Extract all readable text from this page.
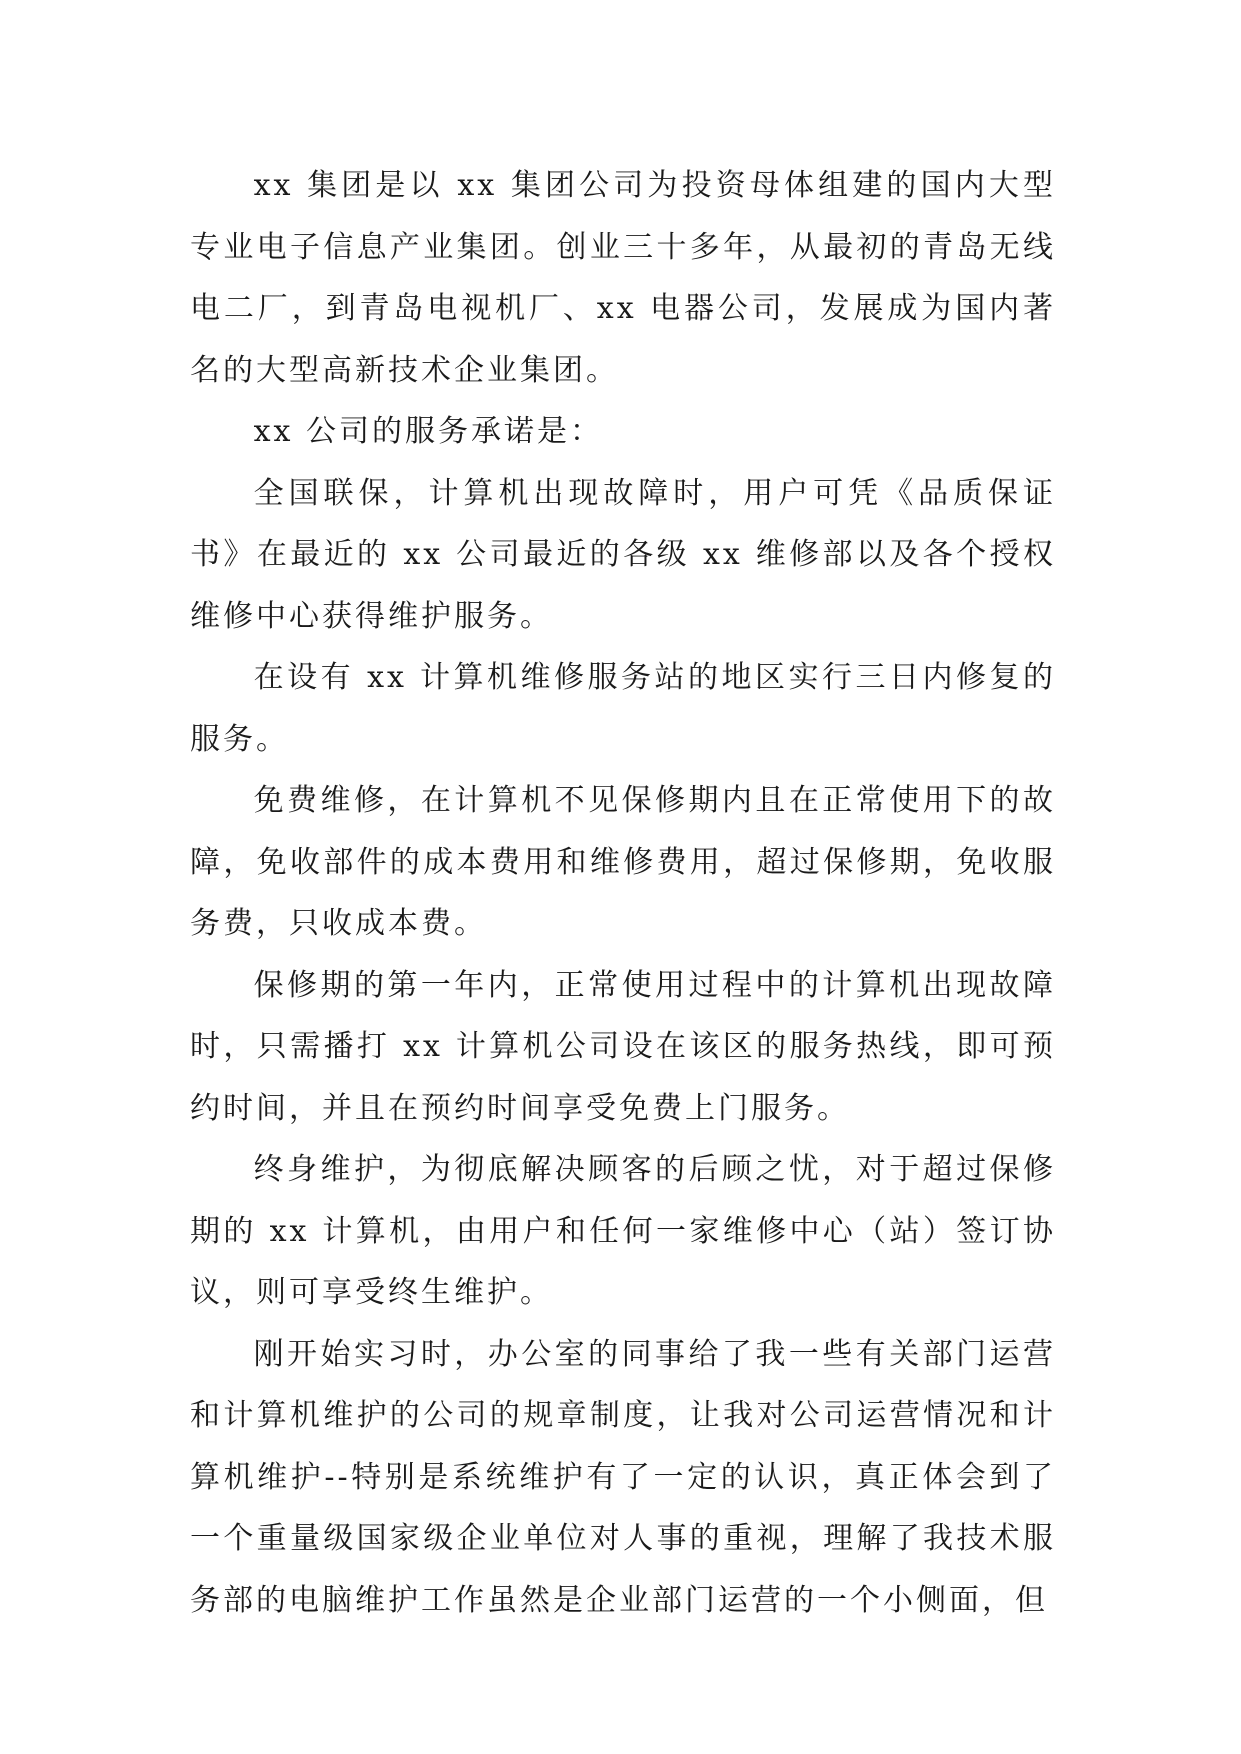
xx 集团是以 xx 集团公司为投资母体组建的国内大型专业电子信息产业集团。创业三十多年，从最初的青岛无线电二厂，到青岛电视机厂、xx 电器公司，发展成为国内著名的大型高新技术企业集团。

xx 公司的服务承诺是：

全国联保，计算机出现故障时，用户可凭《品质保证书》在最近的 xx 公司最近的各级 xx 维修部以及各个授权维修中心获得维护服务。

在设有 xx 计算机维修服务站的地区实行三日内修复的服务。

免费维修，在计算机不见保修期内且在正常使用下的故障，免收部件的成本费用和维修费用，超过保修期，免收服务费，只收成本费。

保修期的第一年内，正常使用过程中的计算机出现故障时，只需播打 xx 计算机公司设在该区的服务热线，即可预约时间，并且在预约时间享受免费上门服务。

终身维护，为彻底解决顾客的后顾之忧，对于超过保修期的 xx 计算机，由用户和任何一家维修中心（站）签订协议，则可享受终生维护。

刚开始实习时，办公室的同事给了我一些有关部门运营和计算机维护的公司的规章制度，让我对公司运营情况和计算机维护--特别是系统维护有了一定的认识，真正体会到了一个重量级国家级企业单位对人事的重视，理解了我技术服务部的电脑维护工作虽然是企业部门运营的一个小侧面，但
